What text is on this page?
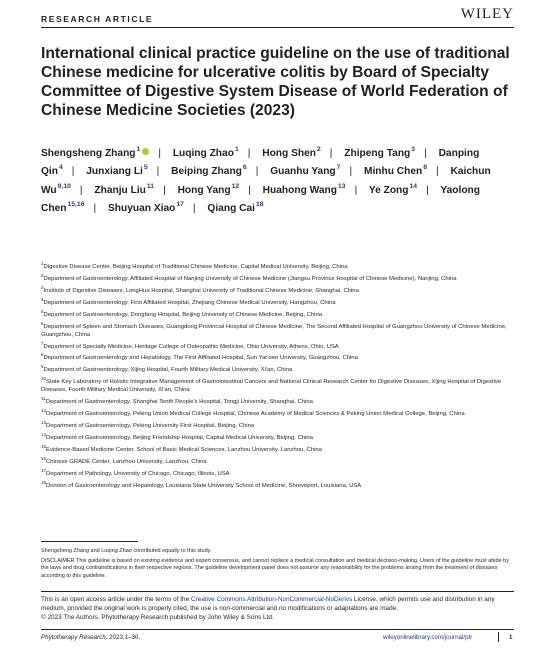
RESEARCH ARTICLE	WILEY
International clinical practice guideline on the use of traditional Chinese medicine for ulcerative colitis by Board of Specialty Committee of Digestive System Disease of World Federation of Chinese Medicine Societies (2023)
Shengsheng Zhang$^1$ | Luqing Zhao$^1$ | Hong Shen$^2$ | Zhipeng Tang$^3$ | Danping Qin$^4$ | Junxiang Li$^5$ | Beiping Zhang$^6$ | Guanhu Yang$^7$ | Minhu Chen$^8$ | Kaichun Wu$^{9,10}$ | Zhanju Liu$^{11}$ | Hong Yang$^{12}$ | Huahong Wang$^{13}$ | Ye Zong$^{14}$ | Yaolong Chen$^{15,16}$ | Shuyuan Xiao$^{17}$ | Qiang Cai$^{18}$
$^1$Digestive Disease Center, Beijing Hospital of Traditional Chinese Medicine, Capital Medical University, Beijing, China
$^2$Department of Gastroenterology, Affiliated Hospital of Nanjing University of Chinese Medicine (Jiangsu Province Hospital of Chinese Medicine), Nanjing, China
$^3$Institute of Digestive Diseases, LongHua Hospital, Shanghai University of Traditional Chinese Medicine, Shanghai, China
$^4$Department of Gastroenterology, First Affiliated Hospital, Zhejiang Chinese Medical University, Hangzhou, China
$^5$Department of Gastroenterology, Dongfang Hospital, Beijing University of Chinese Medicine, Beijing, China
$^6$Department of Spleen and Stomach Diseases, Guangdong Provincial Hospital of Chinese Medicine, The Second Affiliated Hospital of Guangzhou University of Chinese Medicine, Guangzhou, China
$^7$Department of Specialty Medicine, Heritage College of Osteopathic Medicine, Ohio University, Athens, Ohio, USA
$^8$Department of Gastroenterology and Hepatology, The First Affiliated Hospital, Sun Yat-sen University, Guangzhou, China
$^9$Department of Gastroenterology, Xijing Hospital, Fourth Military Medical University, Xi'an, China
$^{10}$State Key Laboratory of Holistic Integrative Management of Gastrointestinal Cancers and National Clinical Research Center for Digestive Diseases, Xijing Hospital of Digestive Diseases, Fourth Military Medical University, Xi'an, China
$^{11}$Department of Gastroenterology, Shanghai Tenth People's Hospital, Tongji University, Shanghai, China
$^{12}$Department of Gastroenterology, Peking Union Medical College Hospital, Chinese Academy of Medical Sciences & Peking Union Medical College, Beijing, China
$^{13}$Department of Gastroenterology, Peking University First Hospital, Beijing, China
$^{14}$Department of Gastroenterology, Beijing Friendship Hospital, Capital Medical University, Beijing, China
$^{15}$Evidence-Based Medicine Center, School of Basic Medical Sciences, Lanzhou University, Lanzhou, China
$^{16}$Chinese GRADE Center, Lanzhou University, Lanzhou, China
$^{17}$Department of Pathology, University of Chicago, Chicago, Illinois, USA
$^{18}$Division of Gastroenterology and Hepatology, Louisiana State University School of Medicine, Shreveport, Louisiana, USA
Shengsheng Zhang and Luqing Zhao contributed equally to this study.
DISCLAIMER This guideline is based on existing evidence and expert consensus, and cannot replace a medical consultation and medical decision-making. Users of the guideline must abide by the laws and drug contraindications in their respective regions. The guideline development panel does not assume any responsibility for the problems arising from the treatment of diseases according to this guideline.
This is an open access article under the terms of the Creative Commons Attribution-NonCommercial-NoDerivs License, which permits use and distribution in any medium, provided the original work is properly cited, the use is non-commercial and no modifications or adaptations are made.
© 2023 The Authors. Phytotherapy Research published by John Wiley & Sons Ltd.
Phytotherapy Research. 2023;1–30.	wileyonlinelibrary.com/journal/ptr	1
